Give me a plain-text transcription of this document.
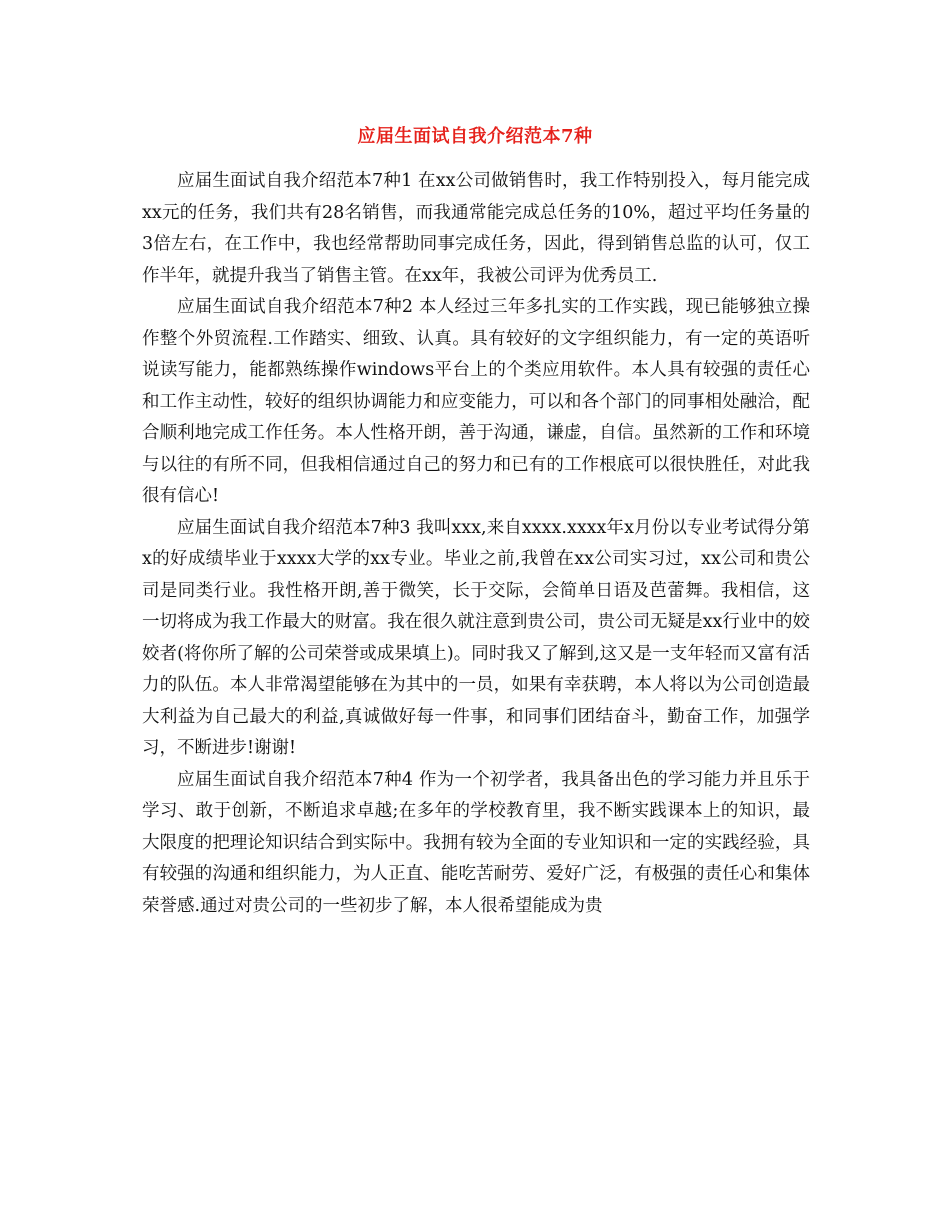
应届生面试自我介绍范本7种

应届生面试自我介绍范本7种1 在xx公司做销售时，我工作特别投入，每月能完成xx元的任务，我们共有28名销售，而我通常能完成总任务的10%，超过平均任务量的3倍左右，在工作中，我也经常帮助同事完成任务，因此，得到销售总监的认可，仅工作半年，就提升我当了销售主管。在xx年，我被公司评为优秀员工.

应届生面试自我介绍范本7种2 本人经过三年多扎实的工作实践，现已能够独立操作整个外贸流程.工作踏实、细致、认真。具有较好的文字组织能力，有一定的英语听说读写能力，能都熟练操作windows平台上的个类应用软件。本人具有较强的责任心和工作主动性，较好的组织协调能力和应变能力，可以和各个部门的同事相处融洽，配合顺利地完成工作任务。本人性格开朗，善于沟通，谦虚，自信。虽然新的工作和环境与以往的有所不同，但我相信通过自己的努力和已有的工作根底可以很快胜任，对此我很有信心!

应届生面试自我介绍范本7种3 我叫xxx,来自xxxx.xxxx年x月份以专业考试得分第x的好成绩毕业于xxxx大学的xx专业。毕业之前,我曾在xx公司实习过，xx公司和贵公司是同类行业。我性格开朗,善于微笑，长于交际，会简单日语及芭蕾舞。我相信，这一切将成为我工作最大的财富。我在很久就注意到贵公司，贵公司无疑是xx行业中的姣姣者(将你所了解的公司荣誉或成果填上)。同时我又了解到,这又是一支年轻而又富有活力的队伍。本人非常渴望能够在为其中的一员，如果有幸获聘，本人将以为公司创造最大利益为自己最大的利益,真诚做好每一件事，和同事们团结奋斗，勤奋工作，加强学习，不断进步!谢谢!

应届生面试自我介绍范本7种4 作为一个初学者，我具备出色的学习能力并且乐于学习、敢于创新，不断追求卓越;在多年的学校教育里，我不断实践课本上的知识，最大限度的把理论知识结合到实际中。我拥有较为全面的专业知识和一定的实践经验，具有较强的沟通和组织能力，为人正直、能吃苦耐劳、爱好广泛，有极强的责任心和集体荣誉感.通过对贵公司的一些初步了解，本人很希望能成为贵
